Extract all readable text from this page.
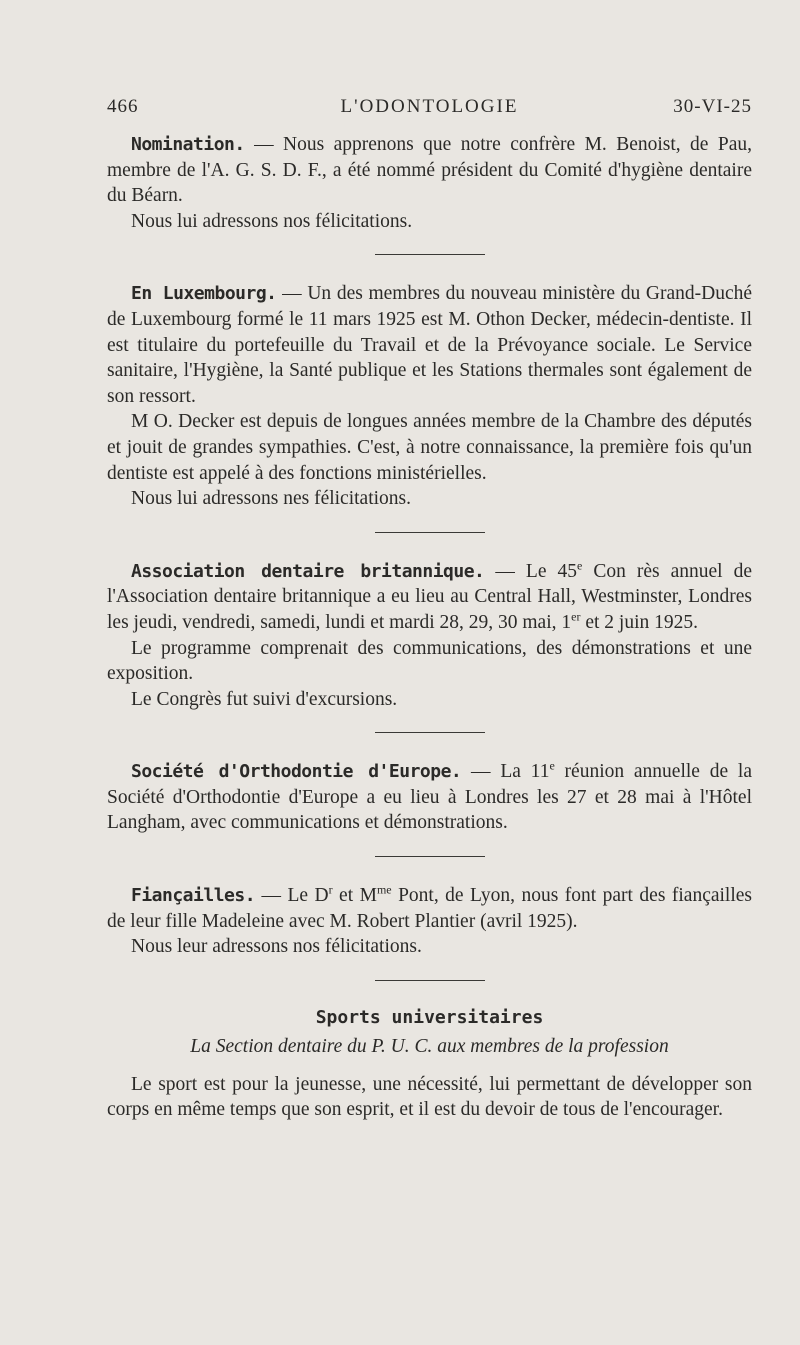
466	L'ODONTOLOGIE	30-VI-25

Nomination. — Nous apprenons que notre confrère M. Benoist, de Pau, membre de l'A. G. S. D. F., a été nommé président du Comité d'hygiène dentaire du Béarn.

Nous lui adressons nos félicitations.

En Luxembourg. — Un des membres du nouveau ministère du Grand-Duché de Luxembourg formé le 11 mars 1925 est M. Othon Decker, médecin-dentiste. Il est titulaire du portefeuille du Travail et de la Prévoyance sociale. Le Service sanitaire, l'Hygiène, la Santé publique et les Stations thermales sont également de son ressort.

M O. Decker est depuis de longues années membre de la Chambre des députés et jouit de grandes sympathies. C'est, à notre connaissance, la première fois qu'un dentiste est appelé à des fonctions ministérielles.

Nous lui adressons nes félicitations.

Association dentaire britannique. — Le 45e Con rès annuel de l'Association dentaire britannique a eu lieu au Central Hall, Westminster, Londres les jeudi, vendredi, samedi, lundi et mardi 28, 29, 30 mai, 1er et 2 juin 1925.

Le programme comprenait des communications, des démonstrations et une exposition.

Le Congrès fut suivi d'excursions.

Société d'Orthodontie d'Europe. — La 11e réunion annuelle de la Société d'Orthodontie d'Europe a eu lieu à Londres les 27 et 28 mai à l'Hôtel Langham, avec communications et démonstrations.

Fiançailles. — Le $D^r$ et $M^{me}$ Pont, de Lyon, nous font part des fiançailles de leur fille Madeleine avec M. Robert Plantier (avril 1925).

Nous leur adressons nos félicitations.

Sports universitaires
La Section dentaire du P. U. C. aux membres de la profession

Le sport est pour la jeunesse, une nécessité, lui permettant de développer son corps en même temps que son esprit, et il est du devoir de tous de l'encourager.
